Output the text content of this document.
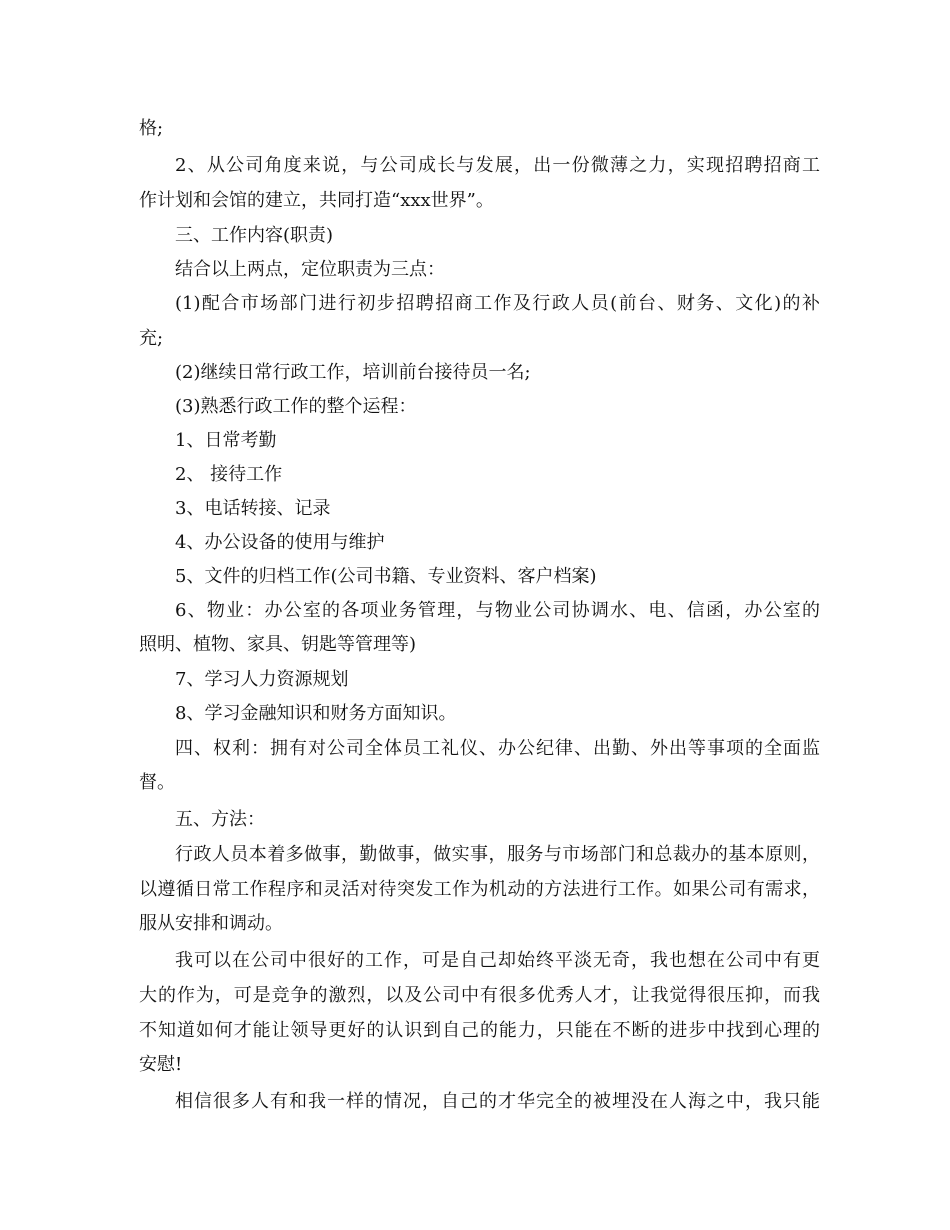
格;
2、从公司角度来说，与公司成长与发展，出一份微薄之力，实现招聘招商工
作计划和会馆的建立，共同打造“xxx世界”。
三、工作内容(职责)
结合以上两点，定位职责为三点：
(1)配合市场部门进行初步招聘招商工作及行政人员(前台、财务、文化)的补
充;
(2)继续日常行政工作，培训前台接待员一名;
(3)熟悉行政工作的整个运程：
1、日常考勤
2、 接待工作
3、电话转接、记录
4、办公设备的使用与维护
5、文件的归档工作(公司书籍、专业资料、客户档案)
6、物业：办公室的各项业务管理，与物业公司协调水、电、信函，办公室的
照明、植物、家具、钥匙等管理等)
7、学习人力资源规划
8、学习金融知识和财务方面知识。
四、权利：拥有对公司全体员工礼仪、办公纪律、出勤、外出等事项的全面监
督。
五、方法：
行政人员本着多做事，勤做事，做实事，服务与市场部门和总裁办的基本原则，
以遵循日常工作程序和灵活对待突发工作为机动的方法进行工作。如果公司有需求，
服从安排和调动。
我可以在公司中很好的工作，可是自己却始终平淡无奇，我也想在公司中有更
大的作为，可是竞争的激烈，以及公司中有很多优秀人才，让我觉得很压抑，而我
不知道如何才能让领导更好的认识到自己的能力，只能在不断的进步中找到心理的
安慰!
相信很多人有和我一样的情况，自己的才华完全的被埋没在人海之中，我只能
